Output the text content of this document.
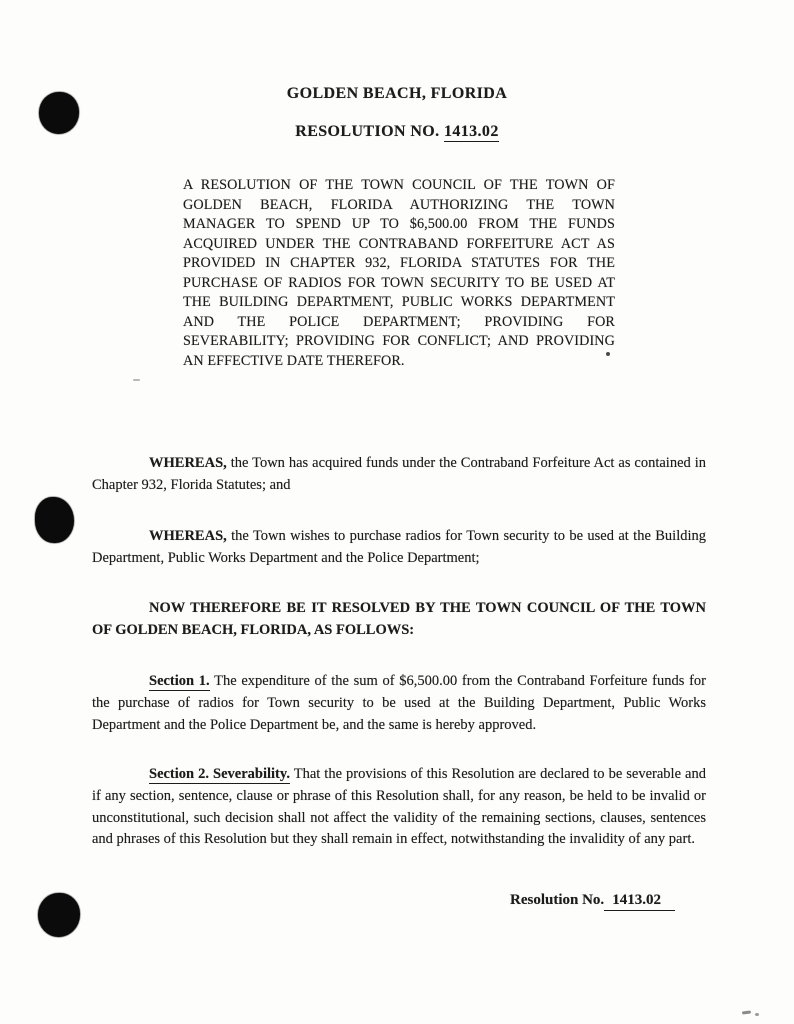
GOLDEN BEACH, FLORIDA
RESOLUTION NO. 1413.02
A RESOLUTION OF THE TOWN COUNCIL OF THE TOWN OF GOLDEN BEACH, FLORIDA AUTHORIZING THE TOWN MANAGER TO SPEND UP TO $6,500.00 FROM THE FUNDS ACQUIRED UNDER THE CONTRABAND FORFEITURE ACT AS PROVIDED IN CHAPTER 932, FLORIDA STATUTES FOR THE PURCHASE OF RADIOS FOR TOWN SECURITY TO BE USED AT THE BUILDING DEPARTMENT, PUBLIC WORKS DEPARTMENT AND THE POLICE DEPARTMENT; PROVIDING FOR SEVERABILITY; PROVIDING FOR CONFLICT; AND PROVIDING AN EFFECTIVE DATE THEREFOR.
WHEREAS, the Town has acquired funds under the Contraband Forfeiture Act as contained in Chapter 932, Florida Statutes; and
WHEREAS, the Town wishes to purchase radios for Town security to be used at the Building Department, Public Works Department and the Police Department;
NOW THEREFORE BE IT RESOLVED BY THE TOWN COUNCIL OF THE TOWN OF GOLDEN BEACH, FLORIDA, AS FOLLOWS:
Section 1. The expenditure of the sum of $6,500.00 from the Contraband Forfeiture funds for the purchase of radios for Town security to be used at the Building Department, Public Works Department and the Police Department be, and the same is hereby approved.
Section 2. Severability. That the provisions of this Resolution are declared to be severable and if any section, sentence, clause or phrase of this Resolution shall, for any reason, be held to be invalid or unconstitutional, such decision shall not affect the validity of the remaining sections, clauses, sentences and phrases of this Resolution but they shall remain in effect, notwithstanding the invalidity of any part.
Resolution No. 1413.02
